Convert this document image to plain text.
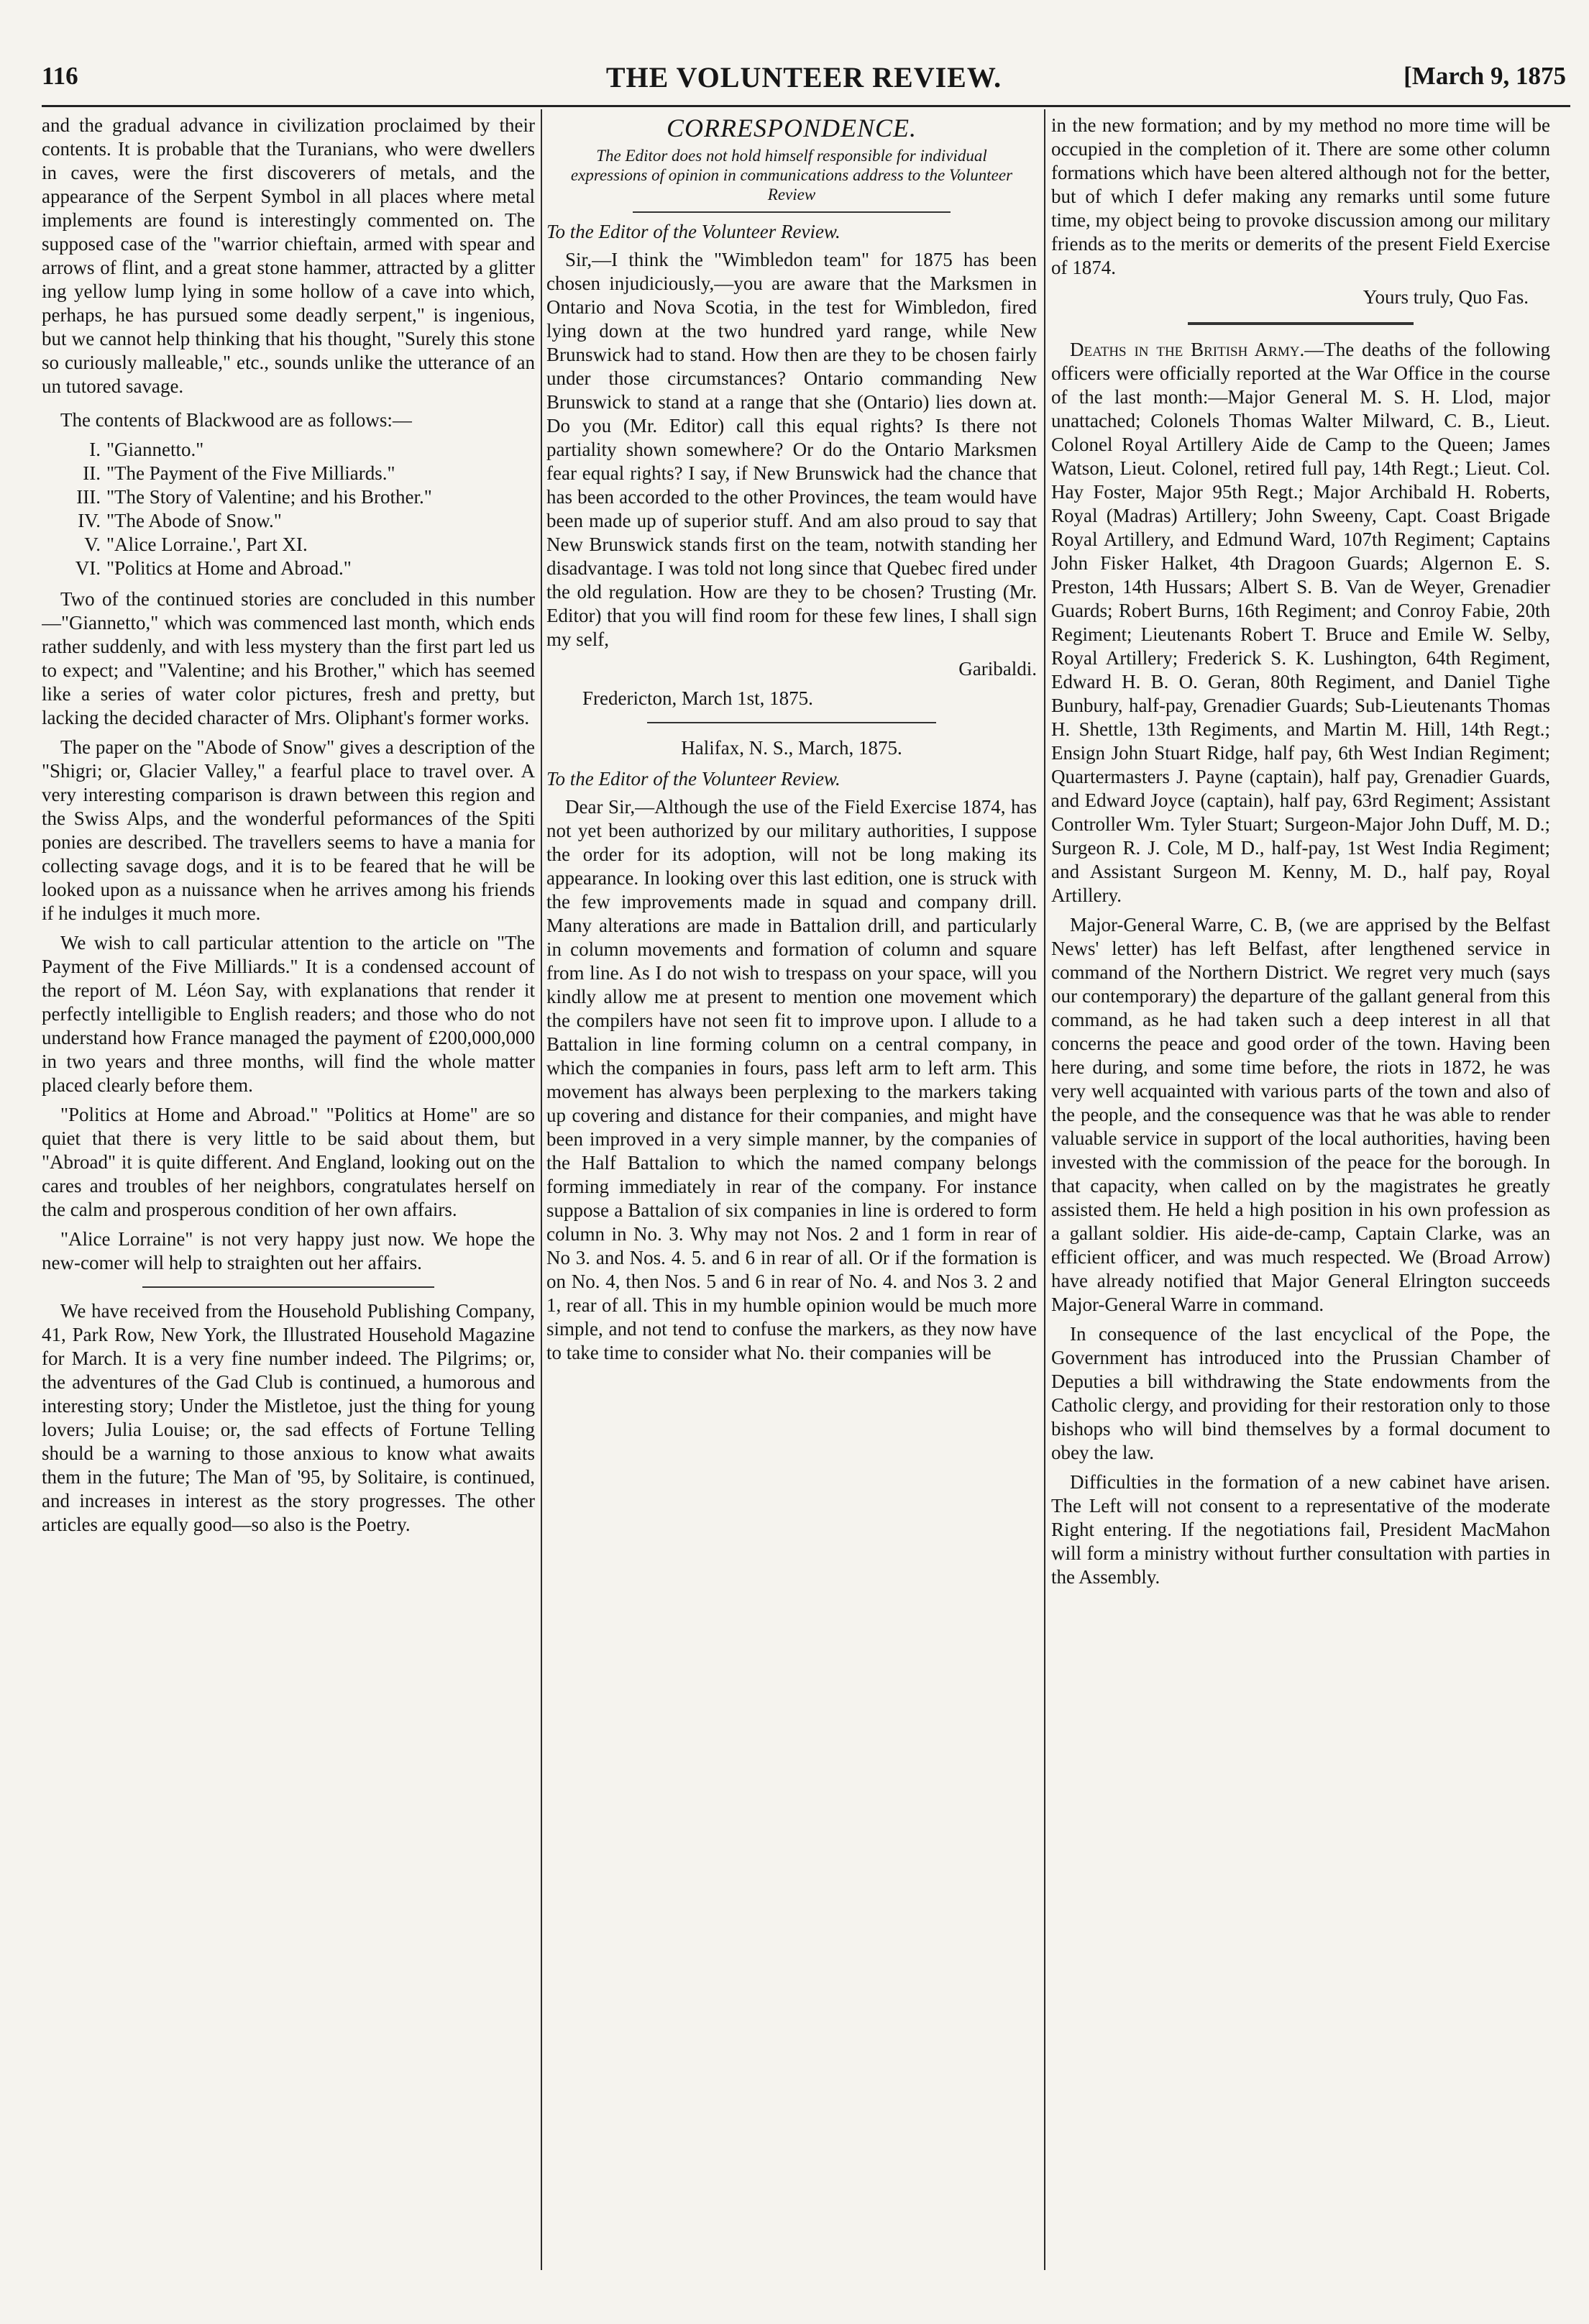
116	THE VOLUNTEER REVIEW.	[March 9, 1875

and the gradual advance in civilization proclaimed by their contents. It is probable that the Turanians, who were dwellers in caves, were the first discoverers of metals, and the appearance of the Serpent Symbol in all places where metal implements are found is interestingly commented on. The supposed case of the "warrior chieftain, armed with spear and arrows of flint, and a great stone hammer, attracted by a glitter ing yellow lump lying in some hollow of a cave into which, perhaps, he has pursued some deadly serpent," is ingenious, but we cannot help thinking that his thought, "Surely this stone so curiously malleable," etc., sounds unlike the utterance of an un tutored savage.

The contents of Blackwood are as follows:—

I. "Giannetto."
II. "The Payment of the Five Milliards."
III. "The Story of Valentine; and his Brother."
IV. "The Abode of Snow."
V. "Alice Lorraine.', Part XI.
VI. "Politics at Home and Abroad."

Two of the continued stories are concluded in this number—"Giannetto," which was commenced last month, which ends rather suddenly, and with less mystery than the first part led us to expect; and "Valentine; and his Brother," which has seemed like a series of water color pictures, fresh and pretty, but lacking the decided character of Mrs. Oliphant's former works.

The paper on the "Abode of Snow" gives a description of the "Shigri; or, Glacier Valley," a fearful place to travel over. A very interesting comparison is drawn between this region and the Swiss Alps, and the wonderful peformances of the Spiti ponies are described. The travellers seems to have a mania for collecting savage dogs, and it is to be feared that he will be looked upon as a nuissance when he arrives among his friends if he indulges it much more.

We wish to call particular attention to the article on "The Payment of the Five Milliards." It is a condensed account of the report of M. Léon Say, with explanations that render it perfectly intelligible to English readers; and those who do not understand how France managed the payment of £200,000,000 in two years and three months, will find the whole matter placed clearly before them.

"Politics at Home and Abroad." "Politics at Home" are so quiet that there is very little to be said about them, but "Abroad" it is quite different. And England, looking out on the cares and troubles of her neighbors, congratulates herself on the calm and prosperous condition of her own affairs.

"Alice Lorraine" is not very happy just now. We hope the new-comer will help to straighten out her affairs.

We have received from the Household Publishing Company, 41, Park Row, New York, the Illustrated Household Magazine for March. It is a very fine number indeed. The Pilgrims; or, the adventures of the Gad Club is continued, a humorous and interesting story; Under the Mistletoe, just the thing for young lovers; Julia Louise; or, the sad effects of Fortune Telling should be a warning to those anxious to know what awaits them in the future; The Man of '95, by Solitaire, is continued, and increases in interest as the story progresses. The other articles are equally good—so also is the Poetry.

CORRESPONDENCE.
The Editor does not hold himself responsible for individual expressions of opinion in communications address to the Volunteer Review

To the Editor of the Volunteer Review.

Sir,—I think the "Wimbledon team" for 1875 has been chosen injudiciously,—you are aware that the Marksmen in Ontario and Nova Scotia, in the test for Wimbledon, fired lying down at the two hundred yard range, while New Brunswick had to stand. How then are they to be chosen fairly under those circumstances? Ontario commanding New Brunswick to stand at a range that she (Ontario) lies down at. Do you (Mr. Editor) call this equal rights? Is there not partiality shown somewhere? Or do the Ontario Marksmen fear equal rights? I say, if New Brunswick had the chance that has been accorded to the other Provinces, the team would have been made up of superior stuff. And am also proud to say that New Brunswick stands first on the team, notwith standing her disadvantage. I was told not long since that Quebec fired under the old regulation. How are they to be chosen? Trusting (Mr. Editor) that you will find room for these few lines, I shall sign my self,

Garibaldi.

Fredericton, March 1st, 1875.

Halifax, N. S., March, 1875.

To the Editor of the Volunteer Review.

Dear Sir,—Although the use of the Field Exercise 1874, has not yet been authorized by our military authorities, I suppose the order for its adoption, will not be long making its appearance. In looking over this last edition, one is struck with the few improvements made in squad and company drill. Many alterations are made in Battalion drill, and particularly in column movements and formation of column and square from line. As I do not wish to trespass on your space, will you kindly allow me at present to mention one movement which the compilers have not seen fit to improve upon. I allude to a Battalion in line forming column on a central company, in which the companies in fours, pass left arm to left arm. This movement has always been perplexing to the markers taking up covering and distance for their companies, and might have been improved in a very simple manner, by the companies of the Half Battalion to which the named company belongs forming immediately in rear of the company. For instance suppose a Battalion of six companies in line is ordered to form column in No. 3. Why may not Nos. 2 and 1 form in rear of No 3. and Nos. 4. 5. and 6 in rear of all. Or if the formation is on No. 4, then Nos. 5 and 6 in rear of No. 4. and Nos 3. 2 and 1, rear of all. This in my humble opinion would be much more simple, and not tend to confuse the markers, as they now have to take time to consider what No. their companies will be

in the new formation; and by my method no more time will be occupied in the completion of it. There are some other column formations which have been altered although not for the better, but of which I defer making any remarks until some future time, my object being to provoke discussion among our military friends as to the merits or demerits of the present Field Exercise of 1874.

Yours truly, Quo Fas.

Deaths in the British Army.—The deaths of the following officers were officially reported at the War Office in the course of the last month:—Major General M. S. H. Llod, major unattached; Colonels Thomas Walter Milward, C. B., Lieut. Colonel Royal Artillery Aide de Camp to the Queen; James Watson, Lieut. Colonel, retired full pay, 14th Regt.; Lieut. Col. Hay Foster, Major 95th Regt.; Major Archibald H. Roberts, Royal (Madras) Artillery; John Sweeny, Capt. Coast Brigade Royal Artillery, and Edmund Ward, 107th Regiment; Captains John Fisker Halket, 4th Dragoon Guards; Algernon E. S. Preston, 14th Hussars; Albert S. B. Van de Weyer, Grenadier Guards; Robert Burns, 16th Regiment; and Conroy Fabie, 20th Regiment; Lieutenants Robert T. Bruce and Emile W. Selby, Royal Artillery; Frederick S. K. Lushington, 64th Regiment, Edward H. B. O. Geran, 80th Regiment, and Daniel Tighe Bunbury, half-pay, Grenadier Guards; Sub-Lieutenants Thomas H. Shettle, 13th Regiments, and Martin M. Hill, 14th Regt.; Ensign John Stuart Ridge, half pay, 6th West Indian Regiment; Quartermasters J. Payne (captain), half pay, Grenadier Guards, and Edward Joyce (captain), half pay, 63rd Regiment; Assistant Controller Wm. Tyler Stuart; Surgeon-Major John Duff, M. D.; Surgeon R. J. Cole, M D., half-pay, 1st West India Regiment; and Assistant Surgeon M. Kenny, M. D., half pay, Royal Artillery.

Major-General Warre, C. B, (we are apprised by the Belfast News' letter) has left Belfast, after lengthened service in command of the Northern District. We regret very much (says our contemporary) the departure of the gallant general from this command, as he had taken such a deep interest in all that concerns the peace and good order of the town. Having been here during, and some time before, the riots in 1872, he was very well acquainted with various parts of the town and also of the people, and the consequence was that he was able to render valuable service in support of the local authorities, having been invested with the commission of the peace for the borough. In that capacity, when called on by the magistrates he greatly assisted them. He held a high position in his own profession as a gallant soldier. His aide-de-camp, Captain Clarke, was an efficient officer, and was much respected. We (Broad Arrow) have already notified that Major General Elrington succeeds Major-General Warre in command.

In consequence of the last encyclical of the Pope, the Government has introduced into the Prussian Chamber of Deputies a bill withdrawing the State endowments from the Catholic clergy, and providing for their restoration only to those bishops who will bind themselves by a formal document to obey the law.

Difficulties in the formation of a new cabinet have arisen. The Left will not consent to a representative of the moderate Right entering. If the negotiations fail, President MacMahon will form a ministry without further consultation with parties in the Assembly.
